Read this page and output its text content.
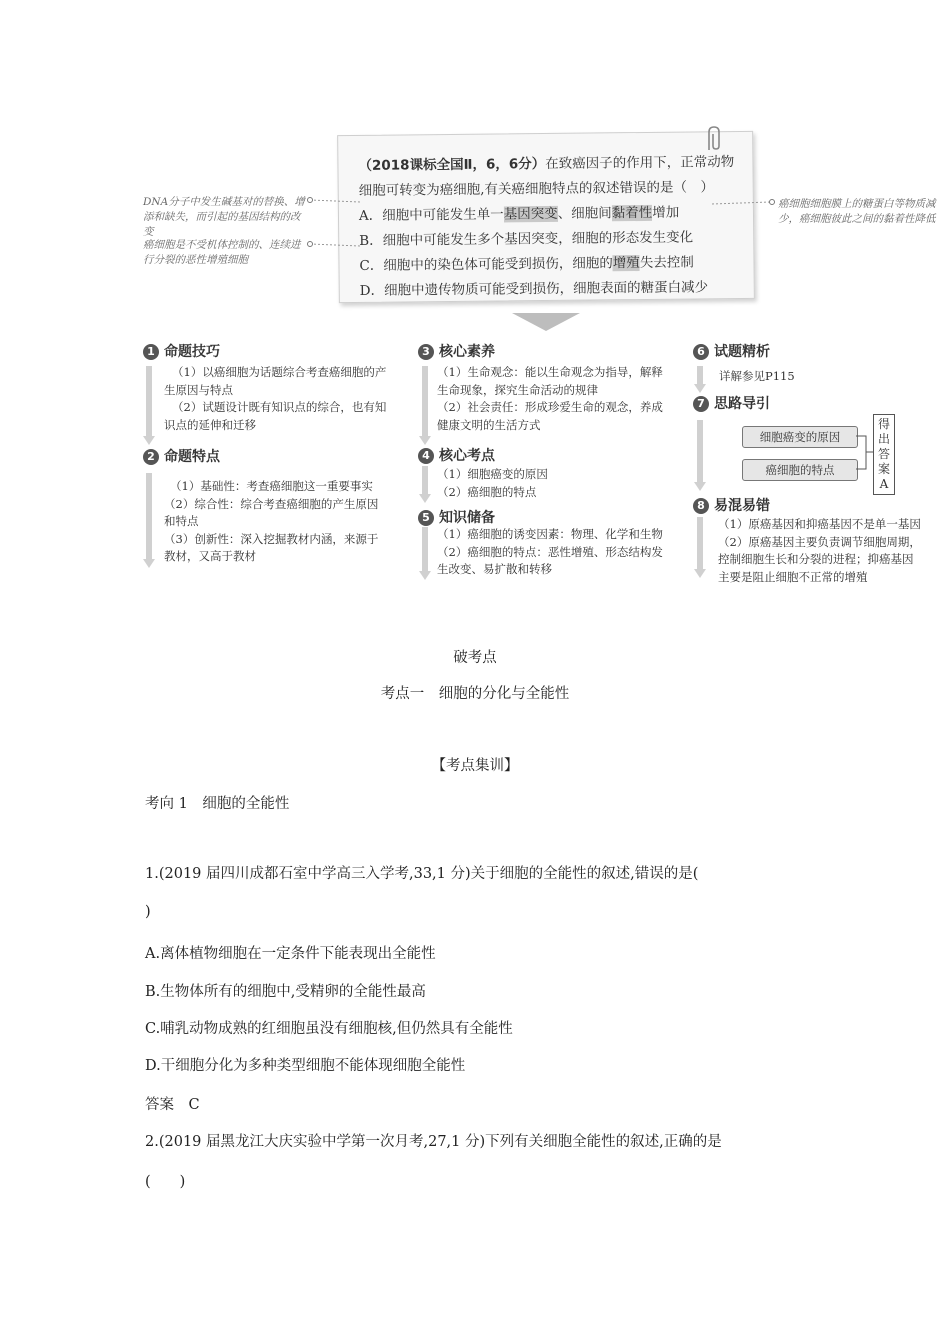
（2018课标全国Ⅱ，6，6分）在致癌因子的作用下，正常动物细胞可转变为癌细胞,有关癌细胞特点的叙述错误的是（　）
A．细胞中可能发生单一基因突变、细胞间黏着性增加
B．细胞中可能发生多个基因突变，细胞的形态发生变化
C．细胞中的染色体可能受到损伤，细胞的增殖失去控制
D．细胞中遗传物质可能受到损伤，细胞表面的糖蛋白减少
DNA分子中发生碱基对的替换、增添和缺失，而引起的基因结构的改变
癌细胞是不受机体控制的、连续进行分裂的恶性增殖细胞
癌细胞细胞膜上的糖蛋白等物质减少，癌细胞彼此之间的黏着性降低
1 命题技巧
（1）以癌细胞为话题综合考查癌细胞的产
生原因与特点
（2）试题设计既有知识点的综合，也有知
识点的延伸和迁移
2 命题特点
（1）基础性：考查癌细胞这一重要事实
（2）综合性：综合考查癌细胞的产生原因
和特点
（3）创新性：深入挖掘教材内涵，来源于
教材，又高于教材
3 核心素养
（1）生命观念：能以生命观念为指导，解释
生命现象，探究生命活动的规律
（2）社会责任：形成珍爱生命的观念，养成
健康文明的生活方式
4 核心考点
（1）细胞癌变的原因
（2）癌细胞的特点
5 知识储备
（1）癌细胞的诱变因素：物理、化学和生物
（2）癌细胞的特点：恶性增殖、形态结构发
生改变、易扩散和转移
6 试题精析
详解参见P115
7 思路导引
细胞癌变的原因
癌细胞的特点
得
出
答
案
A
8 易混易错
（1）原癌基因和抑癌基因不是单一基因
（2）原癌基因主要负责调节细胞周期，
控制细胞生长和分裂的进程；抑癌基因
主要是阻止细胞不正常的增殖
破考点
考点一　细胞的分化与全能性
【考点集训】
考向 1　细胞的全能性
1.(2019 届四川成都石室中学高三入学考,33,1 分)关于细胞的全能性的叙述,错误的是(
)
A.离体植物细胞在一定条件下能表现出全能性
B.生物体所有的细胞中,受精卵的全能性最高
C.哺乳动物成熟的红细胞虽没有细胞核,但仍然具有全能性
D.干细胞分化为多种类型细胞不能体现细胞全能性
答案　C
2.(2019 届黑龙江大庆实验中学第一次月考,27,1 分)下列有关细胞全能性的叙述,正确的是
(　　)
